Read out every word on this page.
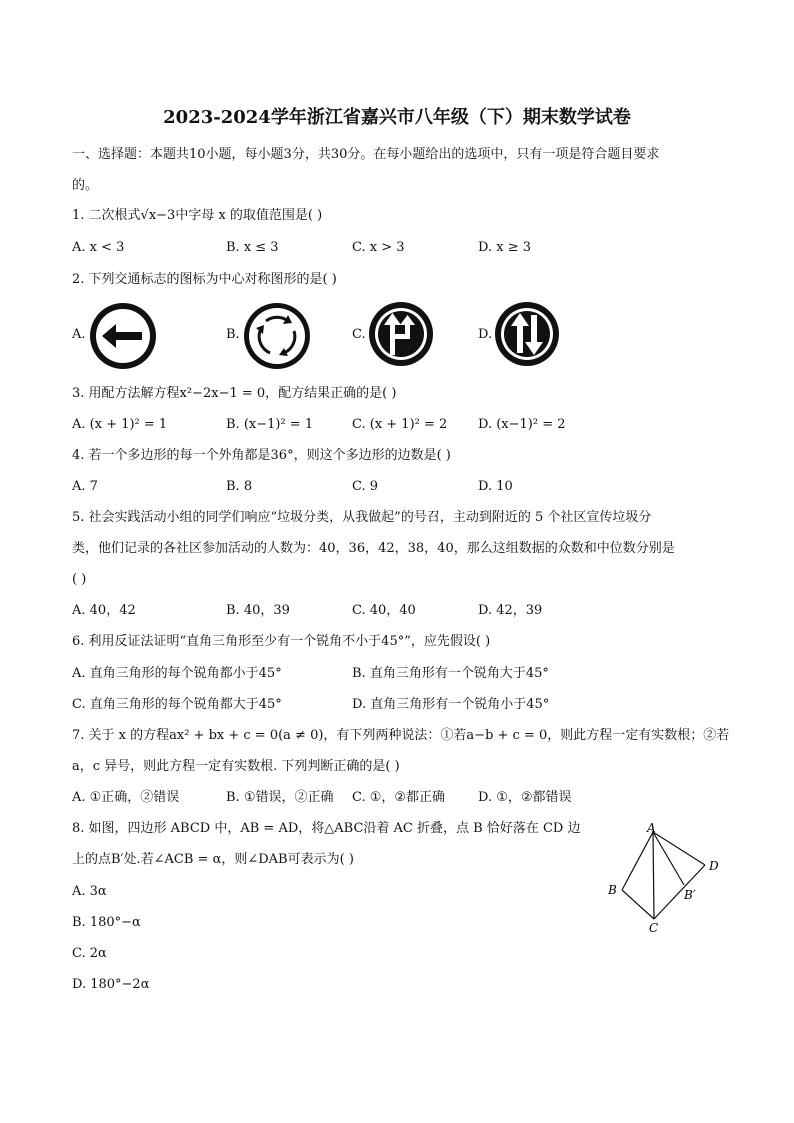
2023-2024学年浙江省嘉兴市八年级（下）期末数学试卷
一、选择题：本题共10小题，每小题3分，共30分。在每小题给出的选项中，只有一项是符合题目要求
的。
1. 二次根式√x−3中字母 x 的取值范围是( )
A. x < 3	B. x ≤ 3	C. x > 3	D. x ≥ 3
2. 下列交通标志的图标为中心对称图形的是( )
A.	B.	C.	D.
3. 用配方法解方程x²−2x−1 = 0，配方结果正确的是( )
A. (x + 1)² = 1	B. (x−1)² = 1	C. (x + 1)² = 2 D. (x−1)² = 2
4. 若一个多边形的每一个外角都是36°，则这个多边形的边数是( )
A. 7	B. 8	C. 9	D. 10
5. 社会实践活动小组的同学们响应“垃圾分类，从我做起”的号召，主动到附近的 5 个社区宣传垃圾分
类，他们记录的各社区参加活动的人数为：40，36，42，38，40，那么这组数据的众数和中位数分别是
( )
A. 40，42	B. 40，39	C. 40，40	D. 42，39
6. 利用反证法证明“直角三角形至少有一个锐角不小于45°”，应先假设( )
A. 直角三角形的每个锐角都小于45°	B. 直角三角形有一个锐角大于45°
C. 直角三角形的每个锐角都大于45°	D. 直角三角形有一个锐角小于45°
7. 关于 x 的方程ax² + bx + c = 0(a ≠ 0)，有下列两种说法：①若a−b + c = 0，则此方程一定有实数根；②若
a，c 异号，则此方程一定有实数根. 下列判断正确的是( )
A. ①正确，②错误	B. ①错误，②正确 C. ①，②都正确	D. ①，②都错误
8. 如图，四边形 ABCD 中，AB = AD，将△ABC沿着 AC 折叠，点 B 恰好落在 CD 边
上的点B′处.若∠ACB = α，则∠DAB可表示为( )
A. 3α
B. 180°−α
C. 2α
D. 180°−2α
A
B
C
D
B′
